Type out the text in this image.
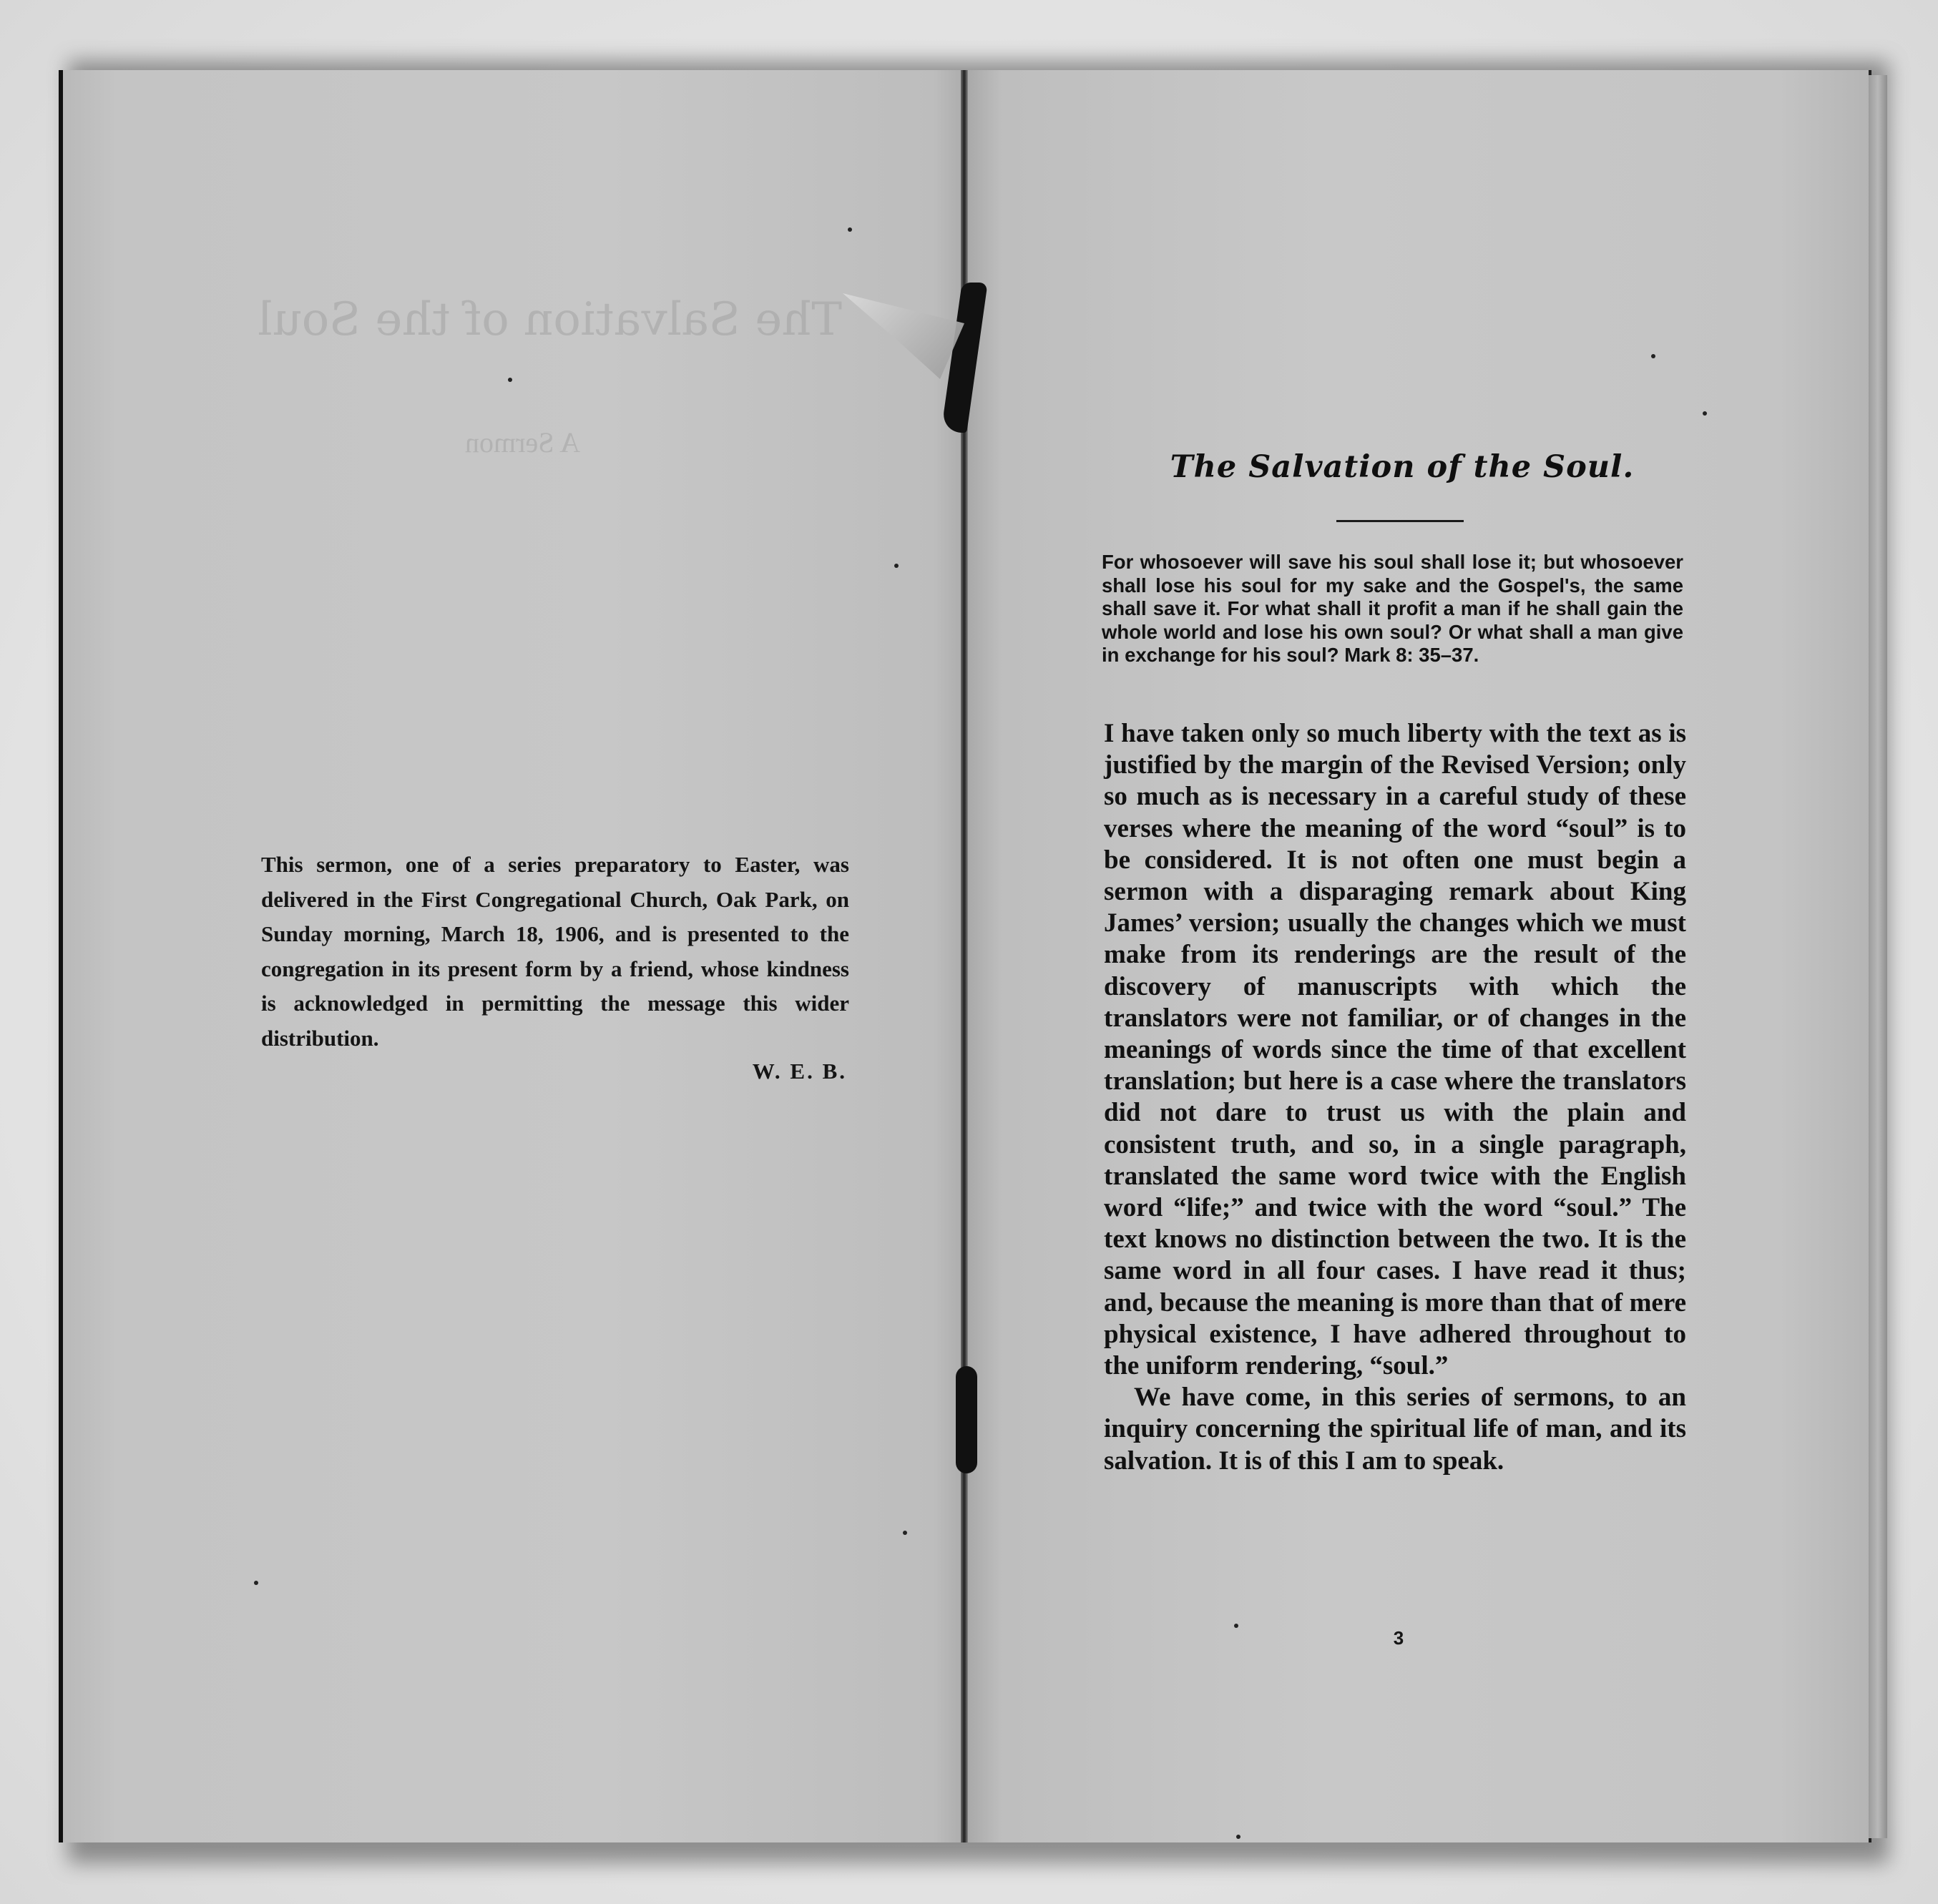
The Salvation of the Soul
A Sermon
This sermon, one of a series preparatory to Easter, was delivered in the First Congregational Church, Oak Park, on Sunday morning, March 18, 1906, and is presented to the congregation in its present form by a friend, whose kindness is acknowledged in permitting the message this wider distribution.
W. E. B.
The Salvation of the Soul.
For whosoever will save his soul shall lose it; but whosoever shall lose his soul for my sake and the Gospel's, the same shall save it. For what shall it profit a man if he shall gain the whole world and lose his own soul? Or what shall a man give in exchange for his soul? Mark 8: 35–37.

I have taken only so much liberty with the text as is justified by the margin of the Revised Version; only so much as is necessary in a careful study of these verses where the meaning of the word “soul” is to be considered. It is not often one must begin a sermon with a disparaging remark about King James’ version; usually the changes which we must make from its renderings are the result of the discovery of manuscripts with which the translators were not familiar, or of changes in the meanings of words since the time of that excellent translation; but here is a case where the translators did not dare to trust us with the plain and consistent truth, and so, in a single paragraph, translated the same word twice with the English word “life;” and twice with the word “soul.” The text knows no distinction between the two. It is the same word in all four cases. I have read it thus; and, because the meaning is more than that of mere physical existence, I have adhered throughout to the uniform rendering, “soul.”

We have come, in this series of sermons, to an inquiry concerning the spiritual life of man, and its salvation. It is of this I am to speak.

3
